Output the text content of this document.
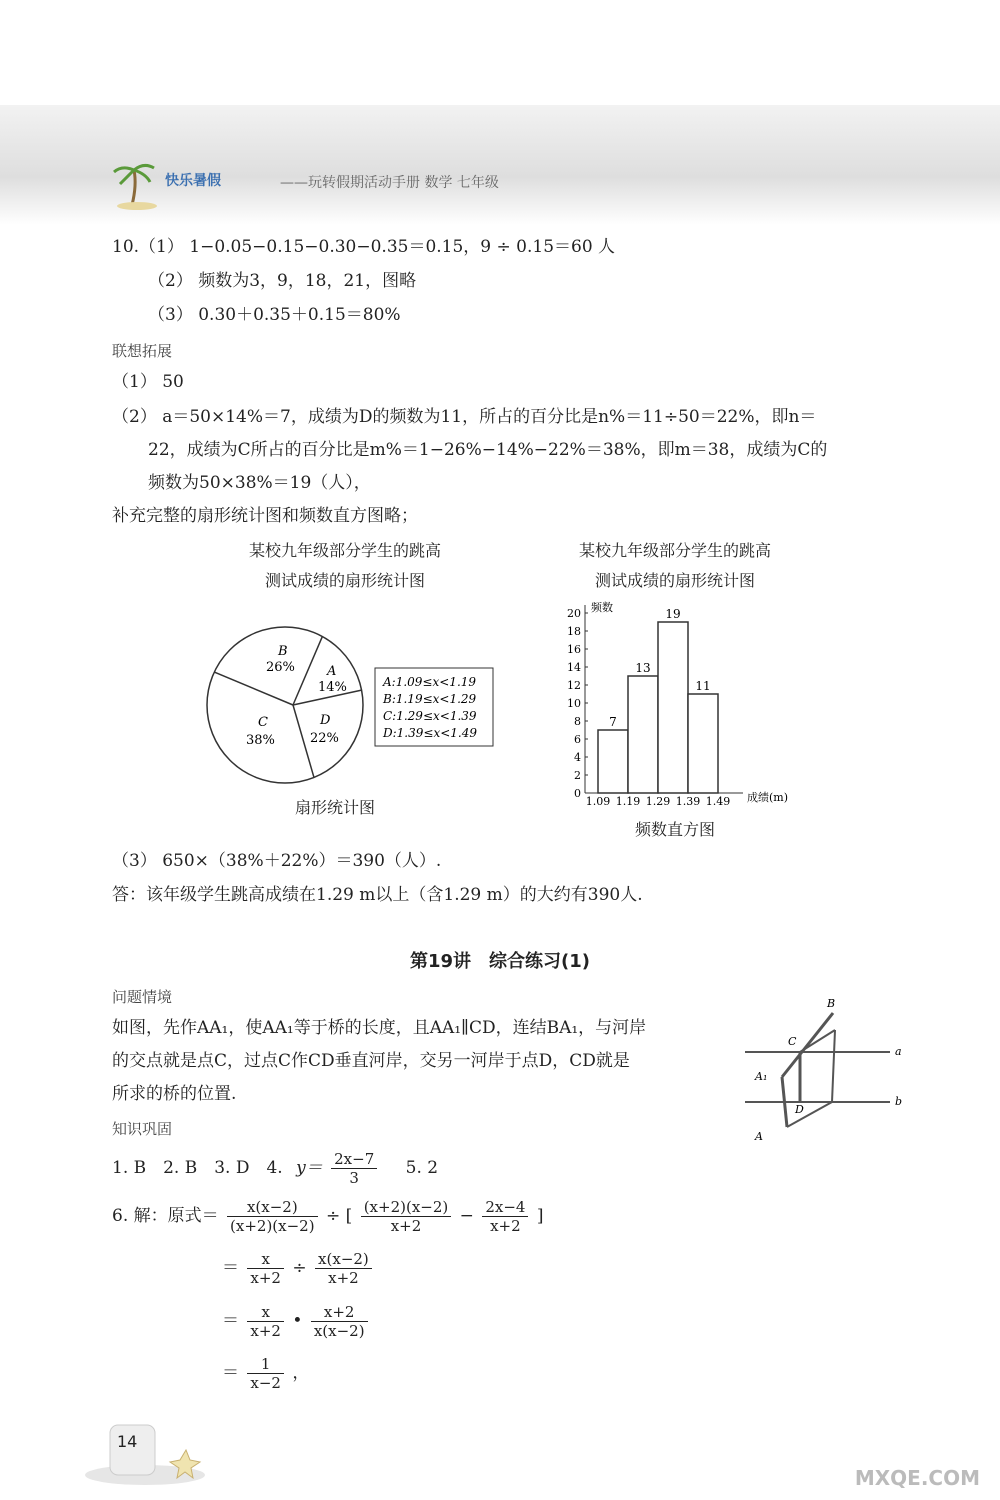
快乐暑假	——玩转假期活动手册 数学 七年级
10.（1） 1−0.05−0.15−0.30−0.35＝0.15，9 ÷ 0.15＝60 人
（2） 频数为3，9，18，21，图略
（3） 0.30＋0.35＋0.15＝80%
联想拓展
（1） 50
（2） a＝50×14%＝7，成绩为D的频数为11，所占的百分比是n%＝11÷50＝22%，即n＝
22，成绩为C所占的百分比是m%＝1−26%−14%−22%＝38%，即m＝38，成绩为C的
频数为50×38%＝19（人），
补充完整的扇形统计图和频数直方图略；
某校九年级部分学生的跳高
测试成绩的扇形统计图
某校九年级部分学生的跳高
测试成绩的扇形统计图
B
26% A
14%
C
38%
D
22%
A:1.09≤x<1.19
B:1.19≤x<1.29
C:1.29≤x<1.39
D:1.39≤x<1.49
扇形统计图
频数
成绩(m)
0
2
4
6
8
10
12
14
16
18
20
1.09 1.19 1.29 1.39 1.49
7
13
19
11
频数直方图
（3） 650×（38%＋22%）＝390（人）.
答：该年级学生跳高成绩在1.29 m以上（含1.29 m）的大约有390人.
第19讲　综合练习(1)
问题情境
如图，先作AA₁，使AA₁等于桥的长度，且AA₁∥CD，连结BA₁，与河岸
的交点就是点C，过点C作CD垂直河岸，交另一河岸于点D，CD就是
所求的桥的位置.
知识巩固
B
C
a
A₁
D
b
A
1. B　2. B　3. D　4. $y= \frac{2x-7}{3} 5$. 2
6. 解：原式＝ $\frac{x(x-2)}{(x+2)(x-2)}$ ÷ [ $\frac{(x+2)(x-2)}{x+2} - \frac{2x-4}{x+2}$ ]
＝ $\frac{x}{x+2} \div \frac{x(x-2)}{x+2}$
＝ $\frac{x}{x+2}$ • $\frac{x+2}{x(x-2)}$
＝ $\frac{1}{x-2}$ ，
14
MXQE.COM
